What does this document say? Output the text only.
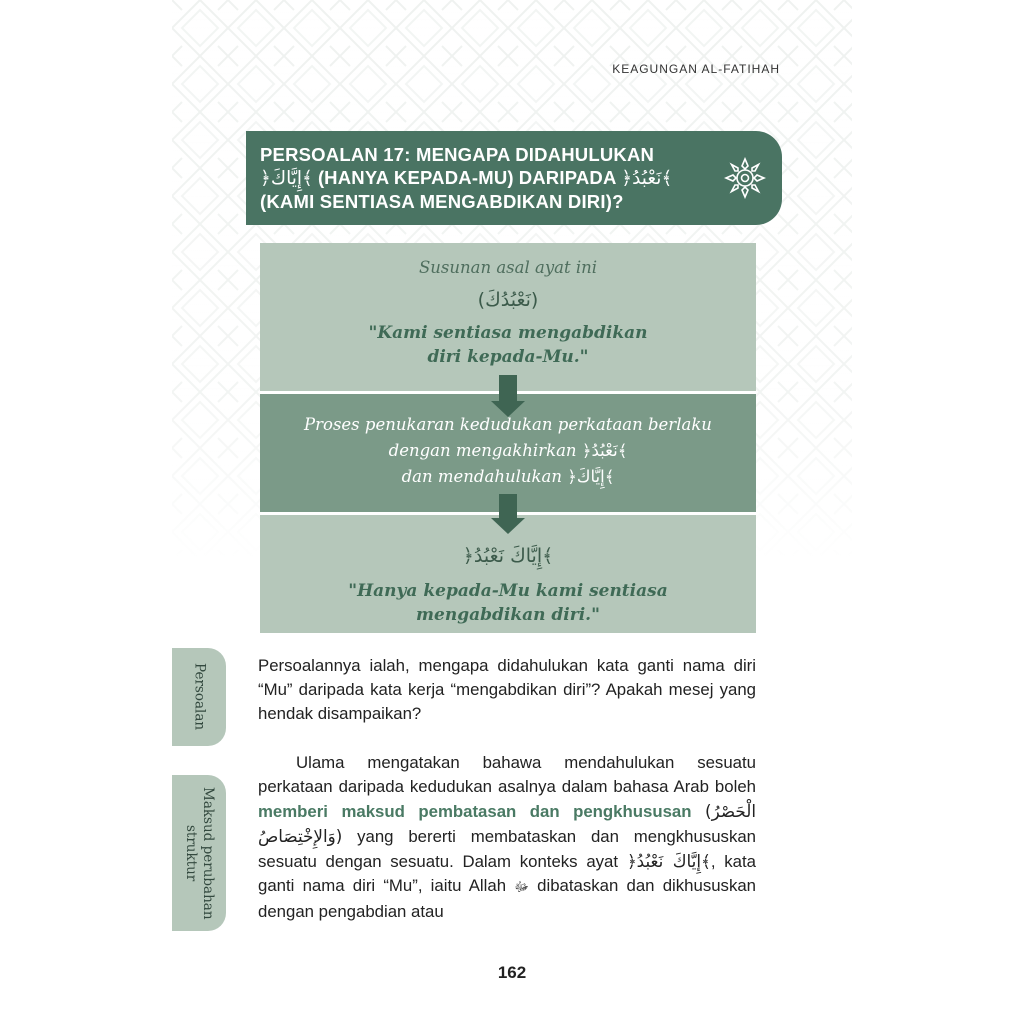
KEAGUNGAN AL-FATIHAH
PERSOALAN 17: MENGAPA DIDAHULUKAN
﴿إِيَّاكَ﴾ (HANYA KEPADA-MU) DARIPADA ﴿نَعْبُدُ﴾
(KAMI SENTIASA MENGABDIKAN DIRI)?
Susunan asal ayat ini
(نَعْبُدُكَ)
"Kami sentiasa mengabdikan
diri kepada-Mu."
Proses penukaran kedudukan perkataan berlaku
dengan mengakhirkan ﴿نَعْبُدُ﴾
dan mendahulukan ﴿إِيَّاكَ﴾
﴿إِيَّاكَ نَعْبُدُ﴾
"Hanya kepada-Mu kami sentiasa
mengabdikan diri."
Persoalan
Maksud perubahan struktur

Persoalannya ialah, mengapa didahulukan kata ganti nama diri “Mu” daripada kata kerja “mengabdikan diri”? Apakah mesej yang hendak disampaikan?

Ulama mengatakan bahawa mendahulukan sesuatu perkataan daripada kedudukan asalnya dalam bahasa Arab boleh memberi maksud pembatasan dan pengkhususan (الْحَصْرُ وَالإِخْتِصَاصُ) yang bererti membataskan dan mengkhususkan sesuatu dengan sesuatu. Dalam konteks ayat ﴿إِيَّاكَ نَعْبُدُ﴾, kata ganti nama diri “Mu”, iaitu Allah ﷻ dibataskan dan dikhususkan dengan pengabdian atau

162
